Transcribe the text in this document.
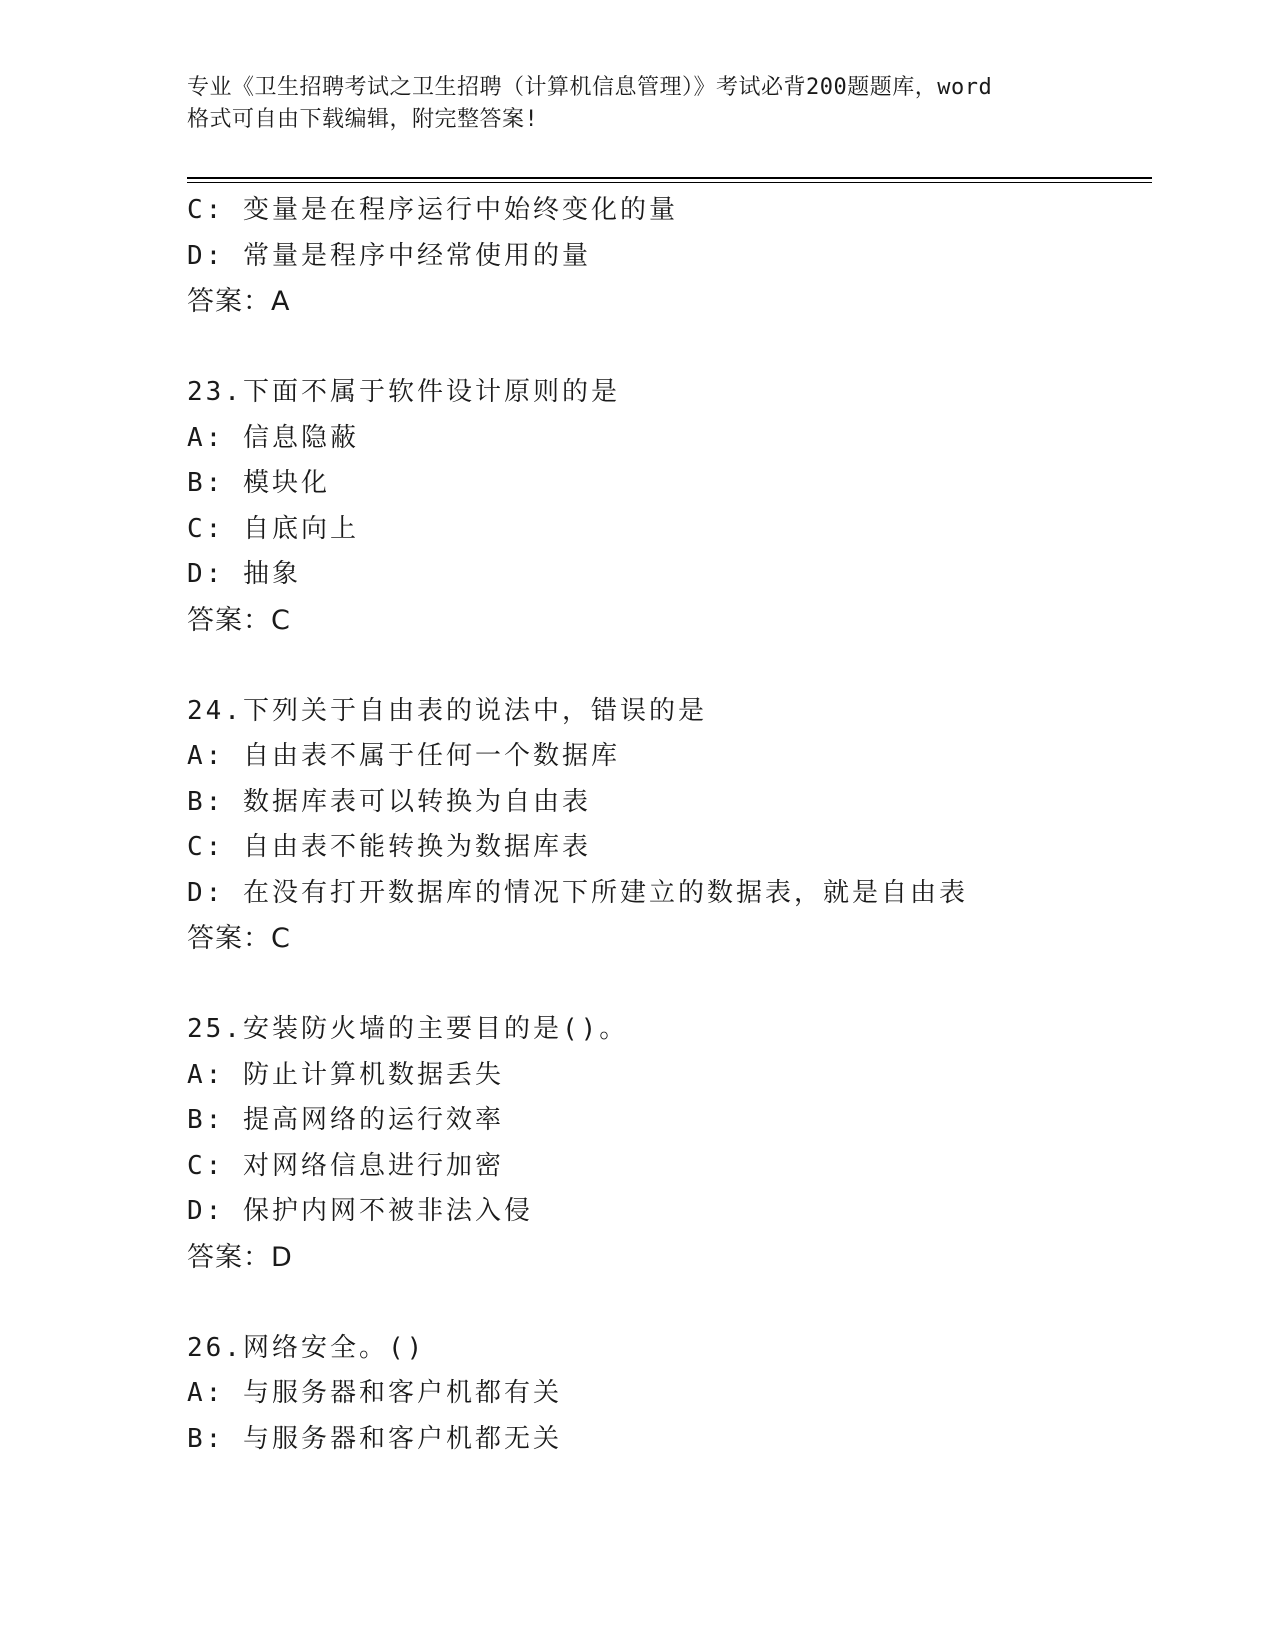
专业《卫生招聘考试之卫生招聘（计算机信息管理）》考试必背200题题库，word
格式可自由下载编辑，附完整答案!
C: 变量是在程序运行中始终变化的量
D: 常量是程序中经常使用的量
答案：A
23.下面不属于软件设计原则的是
A: 信息隐蔽
B: 模块化
C: 自底向上
D: 抽象
答案：C
24.下列关于自由表的说法中，错误的是
A: 自由表不属于任何一个数据库
B: 数据库表可以转换为自由表
C: 自由表不能转换为数据库表
D: 在没有打开数据库的情况下所建立的数据表，就是自由表
答案：C
25.安装防火墙的主要目的是()。
A: 防止计算机数据丢失
B: 提高网络的运行效率
C: 对网络信息进行加密
D: 保护内网不被非法入侵
答案：D
26.网络安全。()
A: 与服务器和客户机都有关
B: 与服务器和客户机都无关
